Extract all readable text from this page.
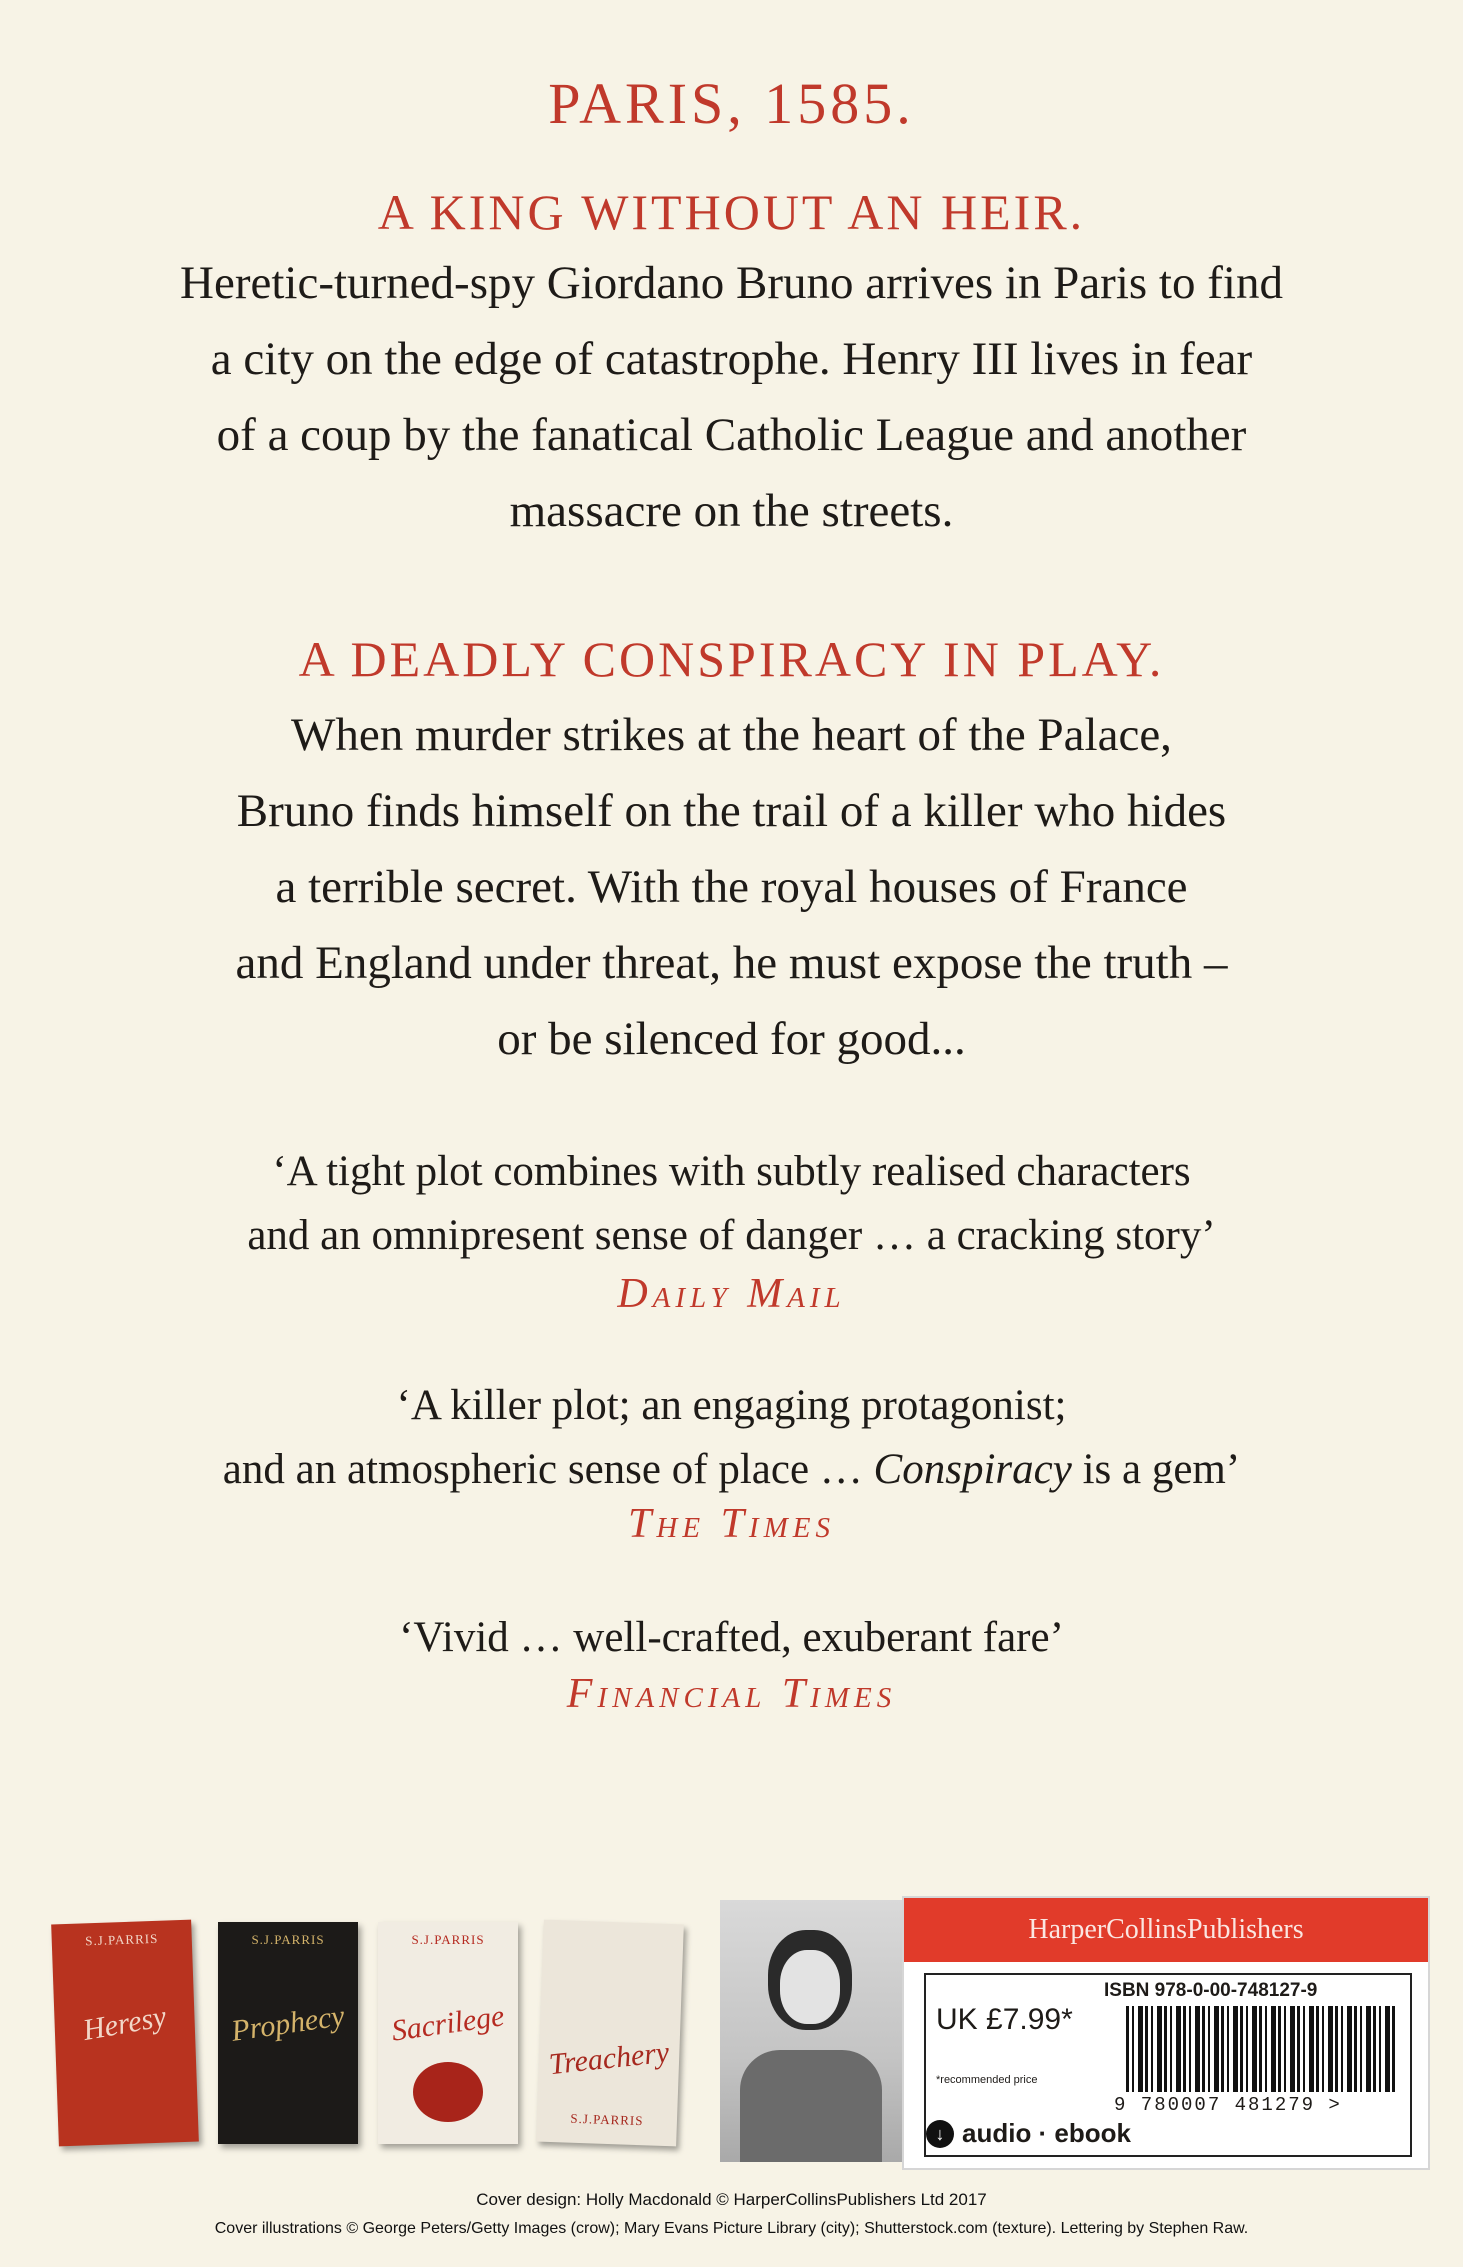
PARIS, 1585.
A KING WITHOUT AN HEIR.
Heretic-turned-spy Giordano Bruno arrives in Paris to find
a city on the edge of catastrophe. Henry III lives in fear
of a coup by the fanatical Catholic League and another
massacre on the streets.
A DEADLY CONSPIRACY IN PLAY.
When murder strikes at the heart of the Palace,
Bruno finds himself on the trail of a killer who hides
a terrible secret. With the royal houses of France
and England under threat, he must expose the truth –
or be silenced for good...
‘A tight plot combines with subtly realised characters
and an omnipresent sense of danger … a cracking story’
Daily Mail
‘A killer plot; an engaging protagonist;
and an atmospheric sense of place … Conspiracy is a gem’
The Times
‘Vivid … well-crafted, exuberant fare’
Financial Times
S.J.PARRIS
Heresy
S.J.PARRIS
Prophecy
S.J.PARRIS
Sacrilege
Treachery
S.J.PARRIS
HarperCollinsPublishers
ISBN 978-0-00-748127-9
UK £7.99*
*recommended price
9 780007 481279 >
↓ audio · ebook
Cover design: Holly Macdonald © HarperCollinsPublishers Ltd 2017
Cover illustrations © George Peters/Getty Images (crow); Mary Evans Picture Library (city); Shutterstock.com (texture). Lettering by Stephen Raw.
